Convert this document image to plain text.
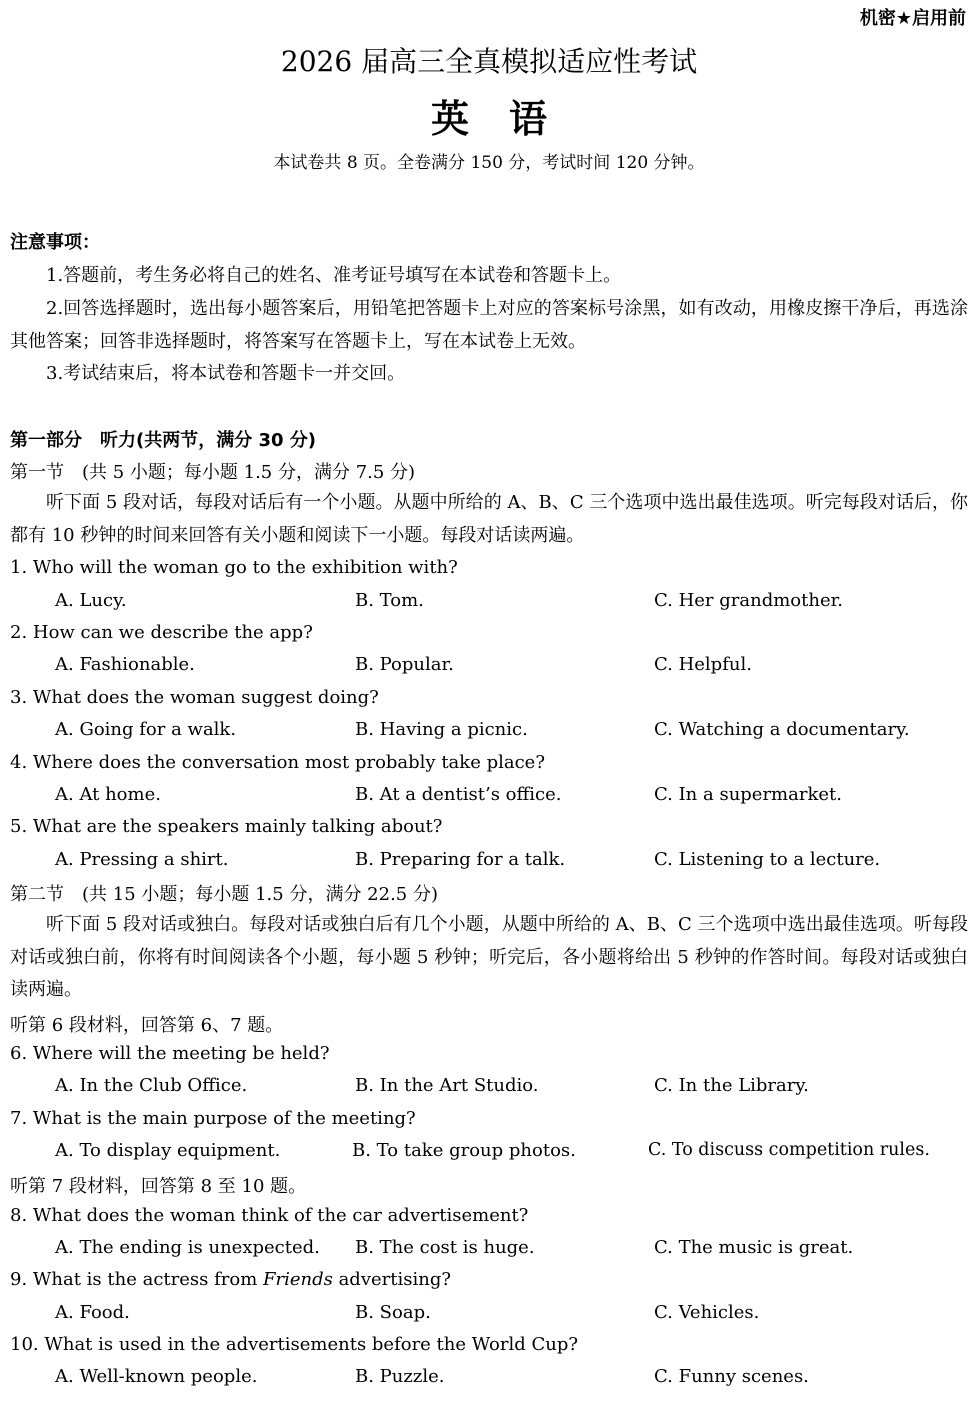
机密★启用前
2026 届高三全真模拟适应性考试
英语
本试卷共 8 页。全卷满分 150 分，考试时间 120 分钟。
注意事项：
1.答题前，考生务必将自己的姓名、准考证号填写在本试卷和答题卡上。
2.回答选择题时，选出每小题答案后，用铅笔把答题卡上对应的答案标号涂黑，如有改动，用橡皮擦干净后，再选涂其他答案；回答非选择题时，将答案写在答题卡上，写在本试卷上无效。
3.考试结束后，将本试卷和答题卡一并交回。
第一部分　听力(共两节，满分 30 分)
第一节　(共 5 小题；每小题 1.5 分，满分 7.5 分)
听下面 5 段对话，每段对话后有一个小题。从题中所给的 A、B、C 三个选项中选出最佳选项。听完每段对话后，你都有 10 秒钟的时间来回答有关小题和阅读下一小题。每段对话读两遍。
1. Who will the woman go to the exhibition with?
A. Lucy.	B. Tom.	C. Her grandmother.
2. How can we describe the app?
A. Fashionable.	B. Popular.	C. Helpful.
3. What does the woman suggest doing?
A. Going for a walk.	B. Having a picnic.	C. Watching a documentary.
4. Where does the conversation most probably take place?
A. At home.	B. At a dentist’s office.	C. In a supermarket.
5. What are the speakers mainly talking about?
A. Pressing a shirt.	B. Preparing for a talk.	C. Listening to a lecture.
第二节　(共 15 小题；每小题 1.5 分，满分 22.5 分)
听下面 5 段对话或独白。每段对话或独白后有几个小题，从题中所给的 A、B、C 三个选项中选出最佳选项。听每段对话或独白前，你将有时间阅读各个小题，每小题 5 秒钟；听完后，各小题将给出 5 秒钟的作答时间。每段对话或独白读两遍。
听第 6 段材料，回答第 6、7 题。
6. Where will the meeting be held?
A. In the Club Office.	B. In the Art Studio.	C. In the Library.
7. What is the main purpose of the meeting?
A. To display equipment.	B. To take group photos.	C. To discuss competition rules.
听第 7 段材料，回答第 8 至 10 题。
8. What does the woman think of the car advertisement?
A. The ending is unexpected. B. The cost is huge.	C. The music is great.
9. What is the actress from Friends advertising?
A. Food.	B. Soap.	C. Vehicles.
10. What is used in the advertisements before the World Cup?
A. Well-known people.	B. Puzzle.	C. Funny scenes.
